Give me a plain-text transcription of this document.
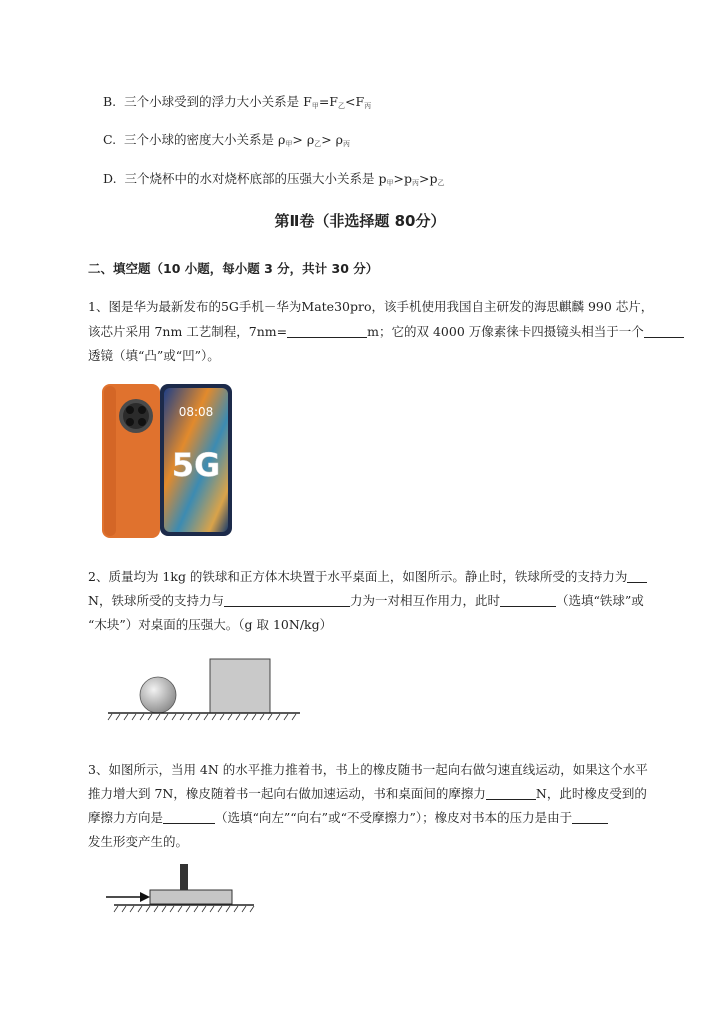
B. 三个小球受到的浮力大小关系是 $F_甲=F_乙<F_丙$
C. 三个小球的密度大小关系是 $\rho_甲> \rho_乙> \rho_丙$
D. 三个烧杯中的水对烧杯底部的压强大小关系是 $p_甲>p_丙>p_乙$
第Ⅱ卷（非选择题 80分）
二、填空题（10 小题，每小题 3 分，共计 30 分）
1、图是华为最新发布的5G手机－华为Mate30pro，该手机使用我国自主研发的海思麒麟 990 芯片，
该芯片采用 7nm 工艺制程，7nm=	m；它的双 4000 万像素徕卡四摄镜头相当于一个
透镜（填“凸”或“凹”）。
08:08
5G
2、质量均为 1kg 的铁球和正方体木块置于水平桌面上，如图所示。静止时，铁球所受的支持力为
N，铁球所受的支持力与	力为一对相互作用力，此时	（选填“铁球”或
“木块”）对桌面的压强大。（g 取 10N/kg）
3、如图所示，当用 4N 的水平推力推着书，书上的橡皮随书一起向右做匀速直线运动，如果这个水平
推力增大到 7N，橡皮随着书一起向右做加速运动，书和桌面间的摩擦力	N，此时橡皮受到的
摩擦力方向是	（选填“向左”“向右”或“不受摩擦力”）；橡皮对书本的压力是由于
发生形变产生的。
